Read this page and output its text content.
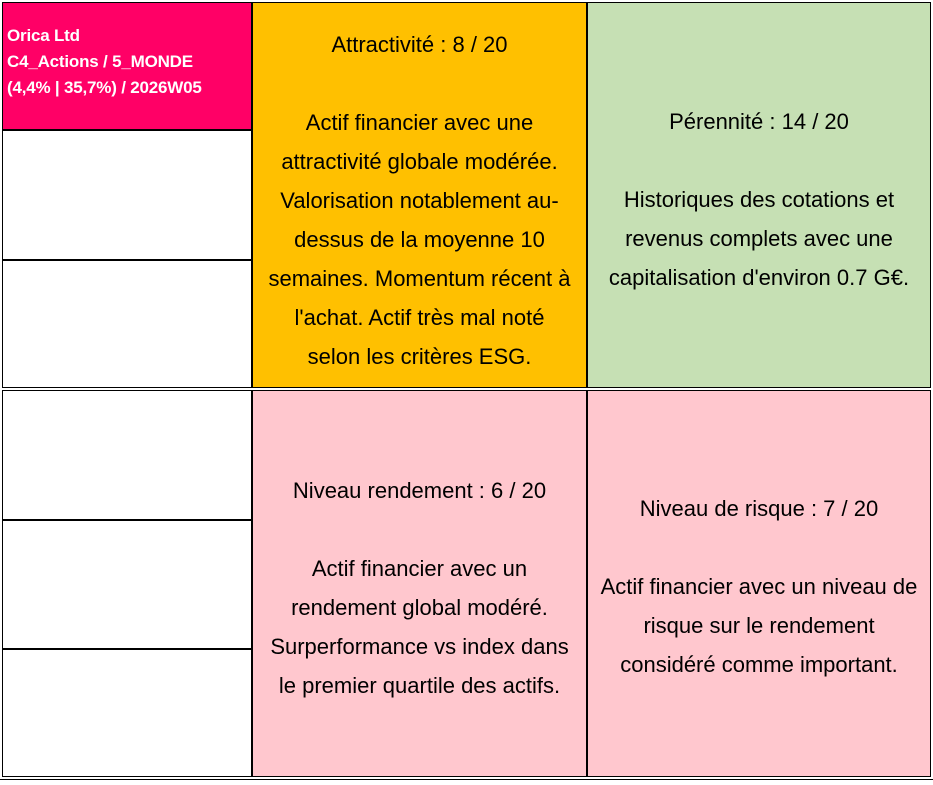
Orica Ltd
C4_Actions / 5_MONDE
(4,4% | 35,7%) / 2026W05
Attractivité : 8 / 20
Actif financier avec une
attractivité globale modérée.
Valorisation notablement au-
dessus de la moyenne 10
semaines. Momentum récent à
l'achat. Actif très mal noté
selon les critères ESG.
Pérennité : 14 / 20
Historiques des cotations et
revenus complets avec une
capitalisation d'environ 0.7 G€.
Niveau rendement : 6 / 20
Actif financier avec un
rendement global modéré.
Surperformance vs index dans
le premier quartile des actifs.
Niveau de risque : 7 / 20
Actif financier avec un niveau de
risque sur le rendement
considéré comme important.
